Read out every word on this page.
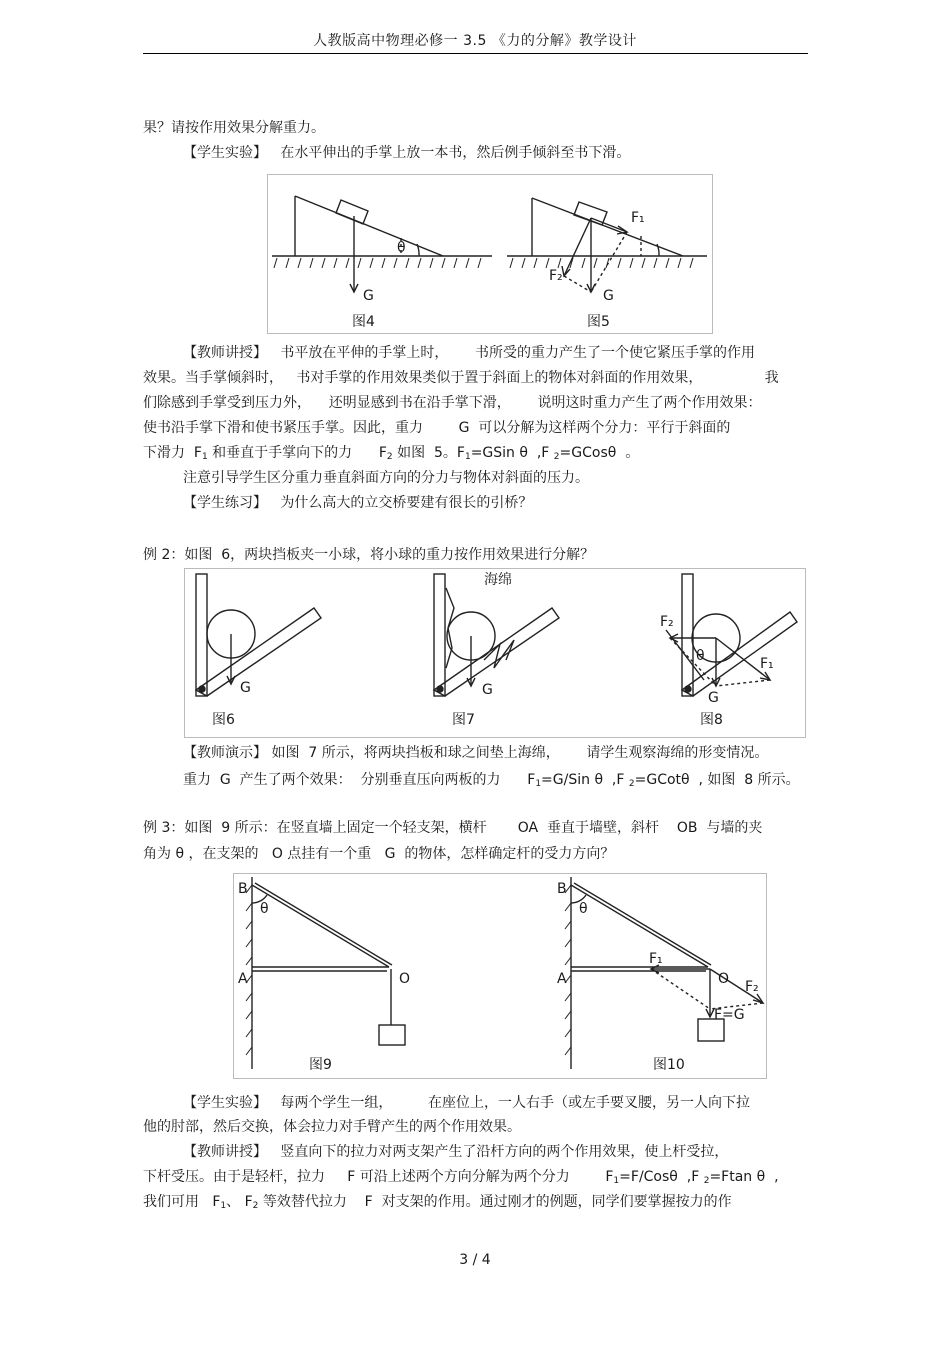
人教版高中物理必修一 3.5 《力的分解》教学设计
果？请按作用效果分解重力。
【学生实验】   在水平伸出的手掌上放一本书，然后例手倾斜至书下滑。
G
图4
θ
G
F₁
F₂
图5
【教师讲授】   书平放在平伸的手掌上时，      书所受的重力产生了一个使它紧压手掌的作用
效果。当手掌倾斜时，   书对手掌的作用效果类似于置于斜面上的物体对斜面的作用效果，              我
们除感到手掌受到压力外，    还明显感到书在沿手掌下滑，      说明这时重力产生了两个作用效果：
使书沿手掌下滑和使书紧压手掌。因此，重力        G  可以分解为这样两个分力：平行于斜面的
下滑力  $F_1$ 和垂直于手掌向下的力      $F_2$ 如图  5。$F_1=GSin$ θ  ,F $_2$=GCosθ  。
注意引导学生区分重力垂直斜面方向的分力与物体对斜面的压力。
【学生练习】   为什么高大的立交桥要建有很长的引桥？
例 2：如图  6，两块挡板夹一小球，将小球的重力按作用效果进行分解？
G
图6
海绵
G
图7
F₂
F₁
G
θ
图8
【教师演示】 如图  7 所示，将两块挡板和球之间垫上海绵，      请学生观察海绵的形变情况。
重力  G  产生了两个效果：  分别垂直压向两板的力      $F_1=G$/Sin θ  ,F $_2$=GCotθ  , 如图  8 所示。
例 3：如图  9 所示：在竖直墙上固定一个轻支架，横杆       OA  垂直于墙壁，斜杆    OB  与墙的夹
角为 θ ，在支架的   O 点挂有一个重   G  的物体，怎样确定杆的受力方向？
B
A	O
θ
图9
B
A	O
F₁
F₂
F=G
θ
图10
【学生实验】   每两个学生一组，        在座位上，一人右手（或左手要叉腰，另一人向下拉
他的肘部，然后交换，体会拉力对手臂产生的两个作用效果。
【教师讲授】   竖直向下的拉力对两支架产生了沿杆方向的两个作用效果，使上杆受拉，
下杆受压。由于是轻杆，拉力     F 可沿上述两个方向分解为两个分力        $F_1=F$/Cosθ  ,F $_2$=Ftan θ  ,
我们可用   $F_1$、 $F_2$ 等效替代拉力    F  对支架的作用。通过刚才的例题，同学们要掌握按力的作
3 / 4
